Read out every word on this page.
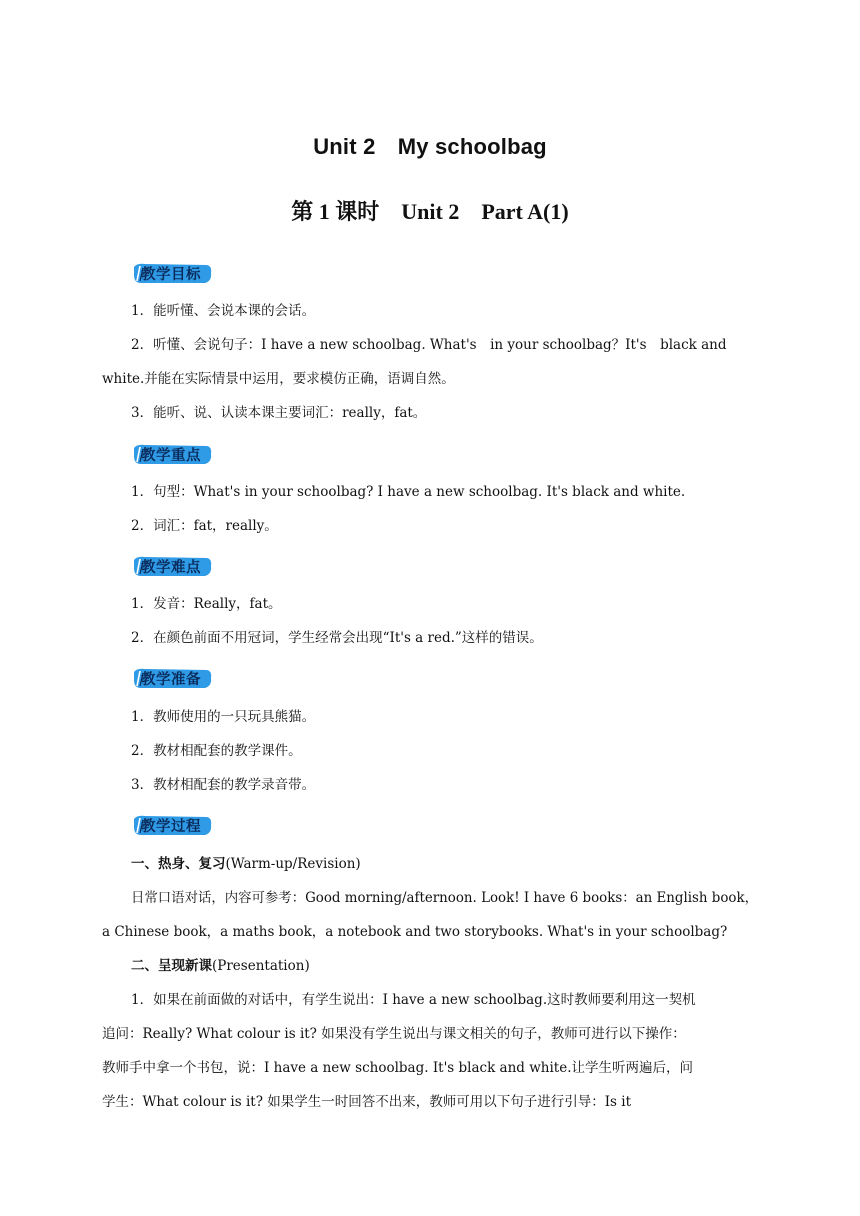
Unit 2　My schoolbag
第 1 课时　Unit 2　Part A(1)
教学目标
1．能听懂、会说本课的会话。
2．听懂、会说句子：I have a new schoolbag. What's　in your schoolbag？It's　black and
white.并能在实际情景中运用，要求模仿正确，语调自然。
3．能听、说、认读本课主要词汇：really，fat。
教学重点
1．句型：What's in your schoolbag? I have a new schoolbag. It's black and white.
2．词汇：fat，really。
教学难点
1．发音：Really，fat。
2．在颜色前面不用冠词，学生经常会出现“It's a red.”这样的错误。
教学准备
1．教师使用的一只玩具熊猫。
2．教材相配套的教学课件。
3．教材相配套的教学录音带。
教学过程
一、热身、复习(Warm-up/Revision)
日常口语对话，内容可参考：Good morning/afternoon. Look! I have 6 books：an English book，
a Chinese book，a maths book，a notebook and two storybooks. What's in your schoolbag?
二、呈现新课(Presentation)
1．如果在前面做的对话中，有学生说出：I have a new schoolbag.这时教师要利用这一契机
追问：Really? What colour is it? 如果没有学生说出与课文相关的句子，教师可进行以下操作：
教师手中拿一个书包，说：I have a new schoolbag. It's black and white.让学生听两遍后，问
学生：What colour is it? 如果学生一时回答不出来，教师可用以下句子进行引导：Is it
